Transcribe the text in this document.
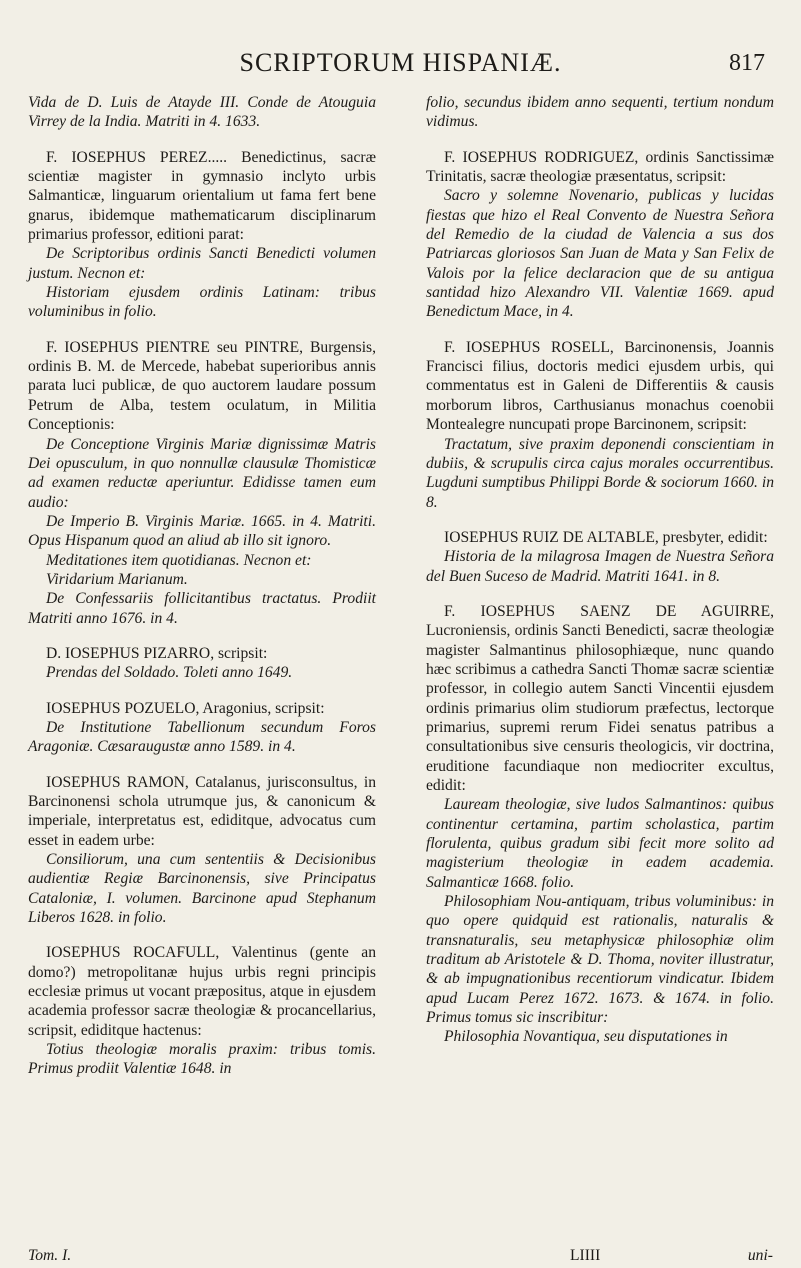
SCRIPTORUM HISPANIÆ.	817

Vida de D. Luis de Atayde III. Conde de Atouguia Virrey de la India. Matriti in 4. 1633.

F. IOSEPHUS PEREZ..... Benedictinus, sacræ scientiæ magister in gymnasio inclyto urbis Salmanticæ, linguarum orientalium ut fama fert bene gnarus, ibidemque mathematicarum disciplinarum primarius professor, editioni parat:

De Scriptoribus ordinis Sancti Benedicti volumen justum. Necnon et:

Historiam ejusdem ordinis Latinam: tribus voluminibus in folio.

F. IOSEPHUS PIENTRE seu PINTRE, Burgensis, ordinis B. M. de Mercede, habebat superioribus annis parata luci publicæ, de quo auctorem laudare possum Petrum de Alba, testem oculatum, in Militia Conceptionis:

De Conceptione Virginis Mariæ dignissimæ Matris Dei opusculum, in quo nonnullæ clausulæ Thomisticæ ad examen reductæ aperiuntur. Edidisse tamen eum audio:

De Imperio B. Virginis Mariæ. 1665. in 4. Matriti. Opus Hispanum quod an aliud ab illo sit ignoro.

Meditationes item quotidianas. Necnon et:

Viridarium Marianum.

De Confessariis follicitantibus tractatus. Prodiit Matriti anno 1676. in 4.

D. IOSEPHUS PIZARRO, scripsit:

Prendas del Soldado. Toleti anno 1649.

IOSEPHUS POZUELO, Aragonius, scripsit:

De Institutione Tabellionum secundum Foros Aragoniæ. Cæsaraugustæ anno 1589. in 4.

IOSEPHUS RAMON, Catalanus, jurisconsultus, in Barcinonensi schola utrumque jus, & canonicum & imperiale, interpretatus est, ediditque, advocatus cum esset in eadem urbe:

Consiliorum, una cum sententiis & Decisionibus audientiæ Regiæ Barcinonensis, sive Principatus Cataloniæ, I. volumen. Barcinone apud Stephanum Liberos 1628. in folio.

IOSEPHUS ROCAFULL, Valentinus (gente an domo?) metropolitanæ hujus urbis regni principis ecclesiæ primus ut vocant præpositus, atque in ejusdem academia professor sacræ theologiæ & procancellarius, scripsit, ediditque hactenus:

Totius theologiæ moralis praxim: tribus tomis. Primus prodiit Valentiæ 1648. in

folio, secundus ibidem anno sequenti, tertium nondum vidimus.

F. IOSEPHUS RODRIGUEZ, ordinis Sanctissimæ Trinitatis, sacræ theologiæ præsentatus, scripsit:

Sacro y solemne Novenario, publicas y lucidas fiestas que hizo el Real Convento de Nuestra Señora del Remedio de la ciudad de Valencia a sus dos Patriarcas gloriosos San Juan de Mata y San Felix de Valois por la felice declaracion que de su antigua santidad hizo Alexandro VII. Valentiæ 1669. apud Benedictum Mace, in 4.

F. IOSEPHUS ROSELL, Barcinonensis, Joannis Francisci filius, doctoris medici ejusdem urbis, qui commentatus est in Galeni de Differentiis & causis morborum libros, Carthusianus monachus coenobii Montealegre nuncupati prope Barcinonem, scripsit:

Tractatum, sive praxim deponendi conscientiam in dubiis, & scrupulis circa cajus morales occurrentibus. Lugduni sumptibus Philippi Borde & sociorum 1660. in 8.

IOSEPHUS RUIZ DE ALTABLE, presbyter, edidit:

Historia de la milagrosa Imagen de Nuestra Señora del Buen Suceso de Madrid. Matriti 1641. in 8.

F. IOSEPHUS SAENZ DE AGUIRRE, Lucroniensis, ordinis Sancti Benedicti, sacræ theologiæ magister Salmantinus philosophiæque, nunc quando hæc scribimus a cathedra Sancti Thomæ sacræ scientiæ professor, in collegio autem Sancti Vincentii ejusdem ordinis primarius olim studiorum præfectus, lectorque primarius, supremi rerum Fidei senatus patribus a consultationibus sive censuris theologicis, vir doctrina, eruditione facundiaque non mediocriter excultus, edidit:

Lauream theologiæ, sive ludos Salmantinos: quibus continentur certamina, partim scholastica, partim florulenta, quibus gradum sibi fecit more solito ad magisterium theologiæ in eadem academia. Salmanticæ 1668. folio.

Philosophiam Nou-antiquam, tribus voluminibus: in quo opere quidquid est rationalis, naturalis & transnaturalis, seu metaphysicæ philosophiæ olim traditum ab Aristotele & D. Thoma, noviter illustratur, & ab impugnationibus recentiorum vindicatur. Ibidem apud Lucam Perez 1672. 1673. & 1674. in folio. Primus tomus sic inscribitur:

Philosophia Novantiqua, seu disputationes in

Tom. I.	LIIII	uni-
